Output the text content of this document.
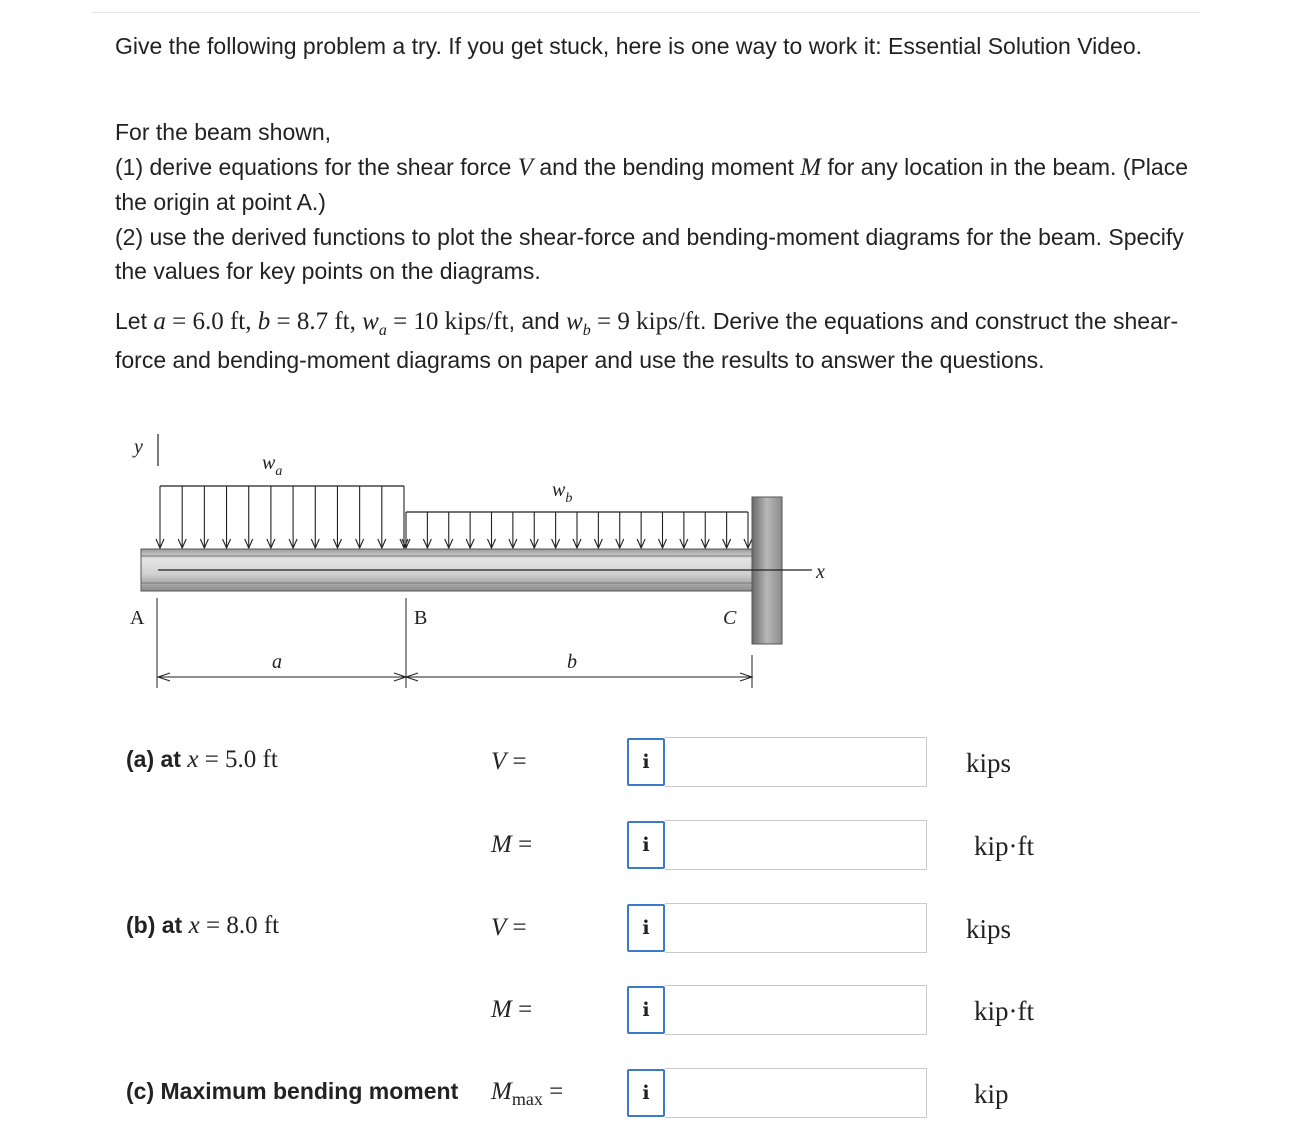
Give the following problem a try. If you get stuck, here is one way to work it: Essential Solution Video.
For the beam shown,
(1) derive equations for the shear force V and the bending moment M for any location in the beam. (Place the origin at point A.)
(2) use the derived functions to plot the shear-force and bending-moment diagrams for the beam. Specify the values for key points on the diagrams.
Let a = 6.0 ft, b = 8.7 ft, $w_a = 10$ kips/ft, and $w_b = 9$ kips/ft. Derive the equations and construct the shear-force and bending-moment diagrams on paper and use the results to answer the questions.
y
$w_a$
$w_b$
x
A	B	C
a	b
(a) at x = 5.0 ft	V =	i	kips
M =	i	kip·ft
(b) at x = 8.0 ft	V =	i	kips
M =	i	kip·ft
(c) Maximum bending moment $M_{max}$ =	i	kip
